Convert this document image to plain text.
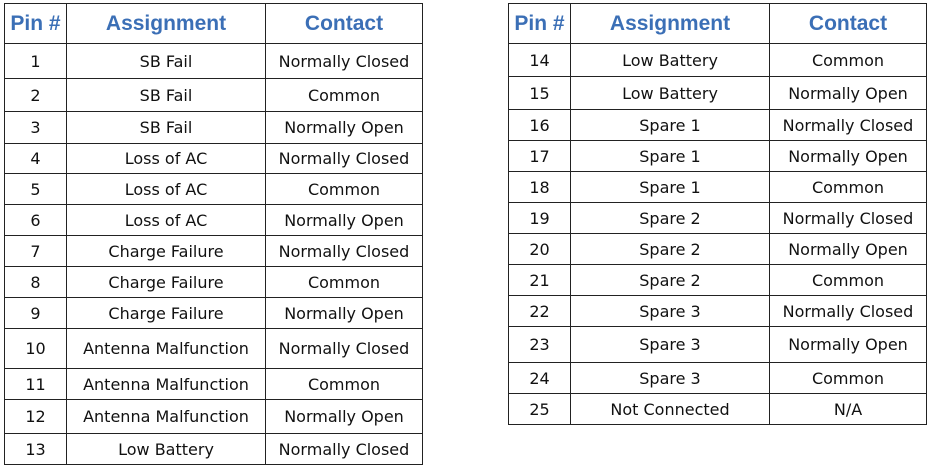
Pin #	Assignment	Contact
1	SB Fail	Normally Closed
2	SB Fail	Common
3	SB Fail	Normally Open
4	Loss of AC	Normally Closed
5	Loss of AC	Common
6	Loss of AC	Normally Open
7	Charge Failure	Normally Closed
8	Charge Failure	Common
9	Charge Failure	Normally Open
10	Antenna Malfunction	Normally Closed
11	Antenna Malfunction	Common
12	Antenna Malfunction	Normally Open
13	Low Battery	Normally Closed
Pin #	Assignment	Contact
14	Low Battery	Common
15	Low Battery	Normally Open
16	Spare 1	Normally Closed
17	Spare 1	Normally Open
18	Spare 1	Common
19	Spare 2	Normally Closed
20	Spare 2	Normally Open
21	Spare 2	Common
22	Spare 3	Normally Closed
23	Spare 3	Normally Open
24	Spare 3	Common
25	Not Connected	N/A
